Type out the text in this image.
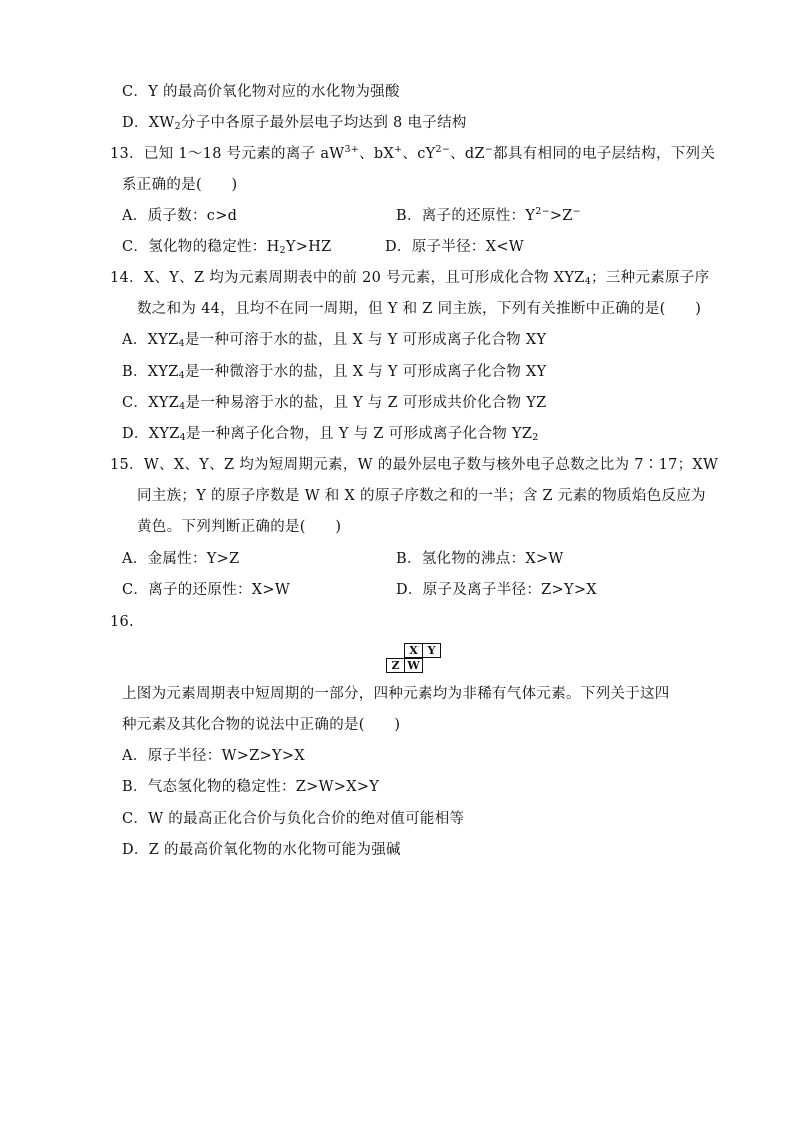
C．Y 的最高价氧化物对应的水化物为强酸
D．$XW_2$分子中各原子最外层电子均达到 8 电子结构
13．已知 1～18 号元素的离子 $aW^{3+}$、bX+、$cY^{2-}$、dZ−都具有相同的电子层结构，下列关
系正确的是(　　)
A．质子数：c>d	B．离子的还原性：$Y^{2-}>Z^-$
C．氢化物的稳定性：$H_2Y>HZ$	D．原子半径：X<W
14．X、Y、Z 均为元素周期表中的前 20 号元素，且可形成化合物 $XYZ_4$；三种元素原子序
数之和为 44，且均不在同一周期，但 Y 和 Z 同主族，下列有关推断中正确的是(　　)
A．$XYZ_4$是一种可溶于水的盐，且 X 与 Y 可形成离子化合物 XY
B．$XYZ_4$是一种微溶于水的盐，且 X 与 Y 可形成离子化合物 XY
C．$XYZ_4$是一种易溶于水的盐，且 Y 与 Z 可形成共价化合物 YZ
D．$XYZ_4$是一种离子化合物，且 Y 与 Z 可形成离子化合物 $YZ_2$
15．W、X、Y、Z 均为短周期元素，W 的最外层电子数与核外电子总数之比为 7∶17；XW
同主族；Y 的原子序数是 W 和 X 的原子序数之和的一半；含 Z 元素的物质焰色反应为
黄色。下列判断正确的是(　　)
A．金属性：Y>Z	B．氢化物的沸点：X>W
C．离子的还原性：X>W	D．原子及离子半径：Z>Y>X
16.
X Y
Z W
上图为元素周期表中短周期的一部分，四种元素均为非稀有气体元素。下列关于这四
种元素及其化合物的说法中正确的是(　　)
A．原子半径：W>Z>Y>X
B．气态氢化物的稳定性：Z>W>X>Y
C．W 的最高正化合价与负化合价的绝对值可能相等
D．Z 的最高价氧化物的水化物可能为强碱
